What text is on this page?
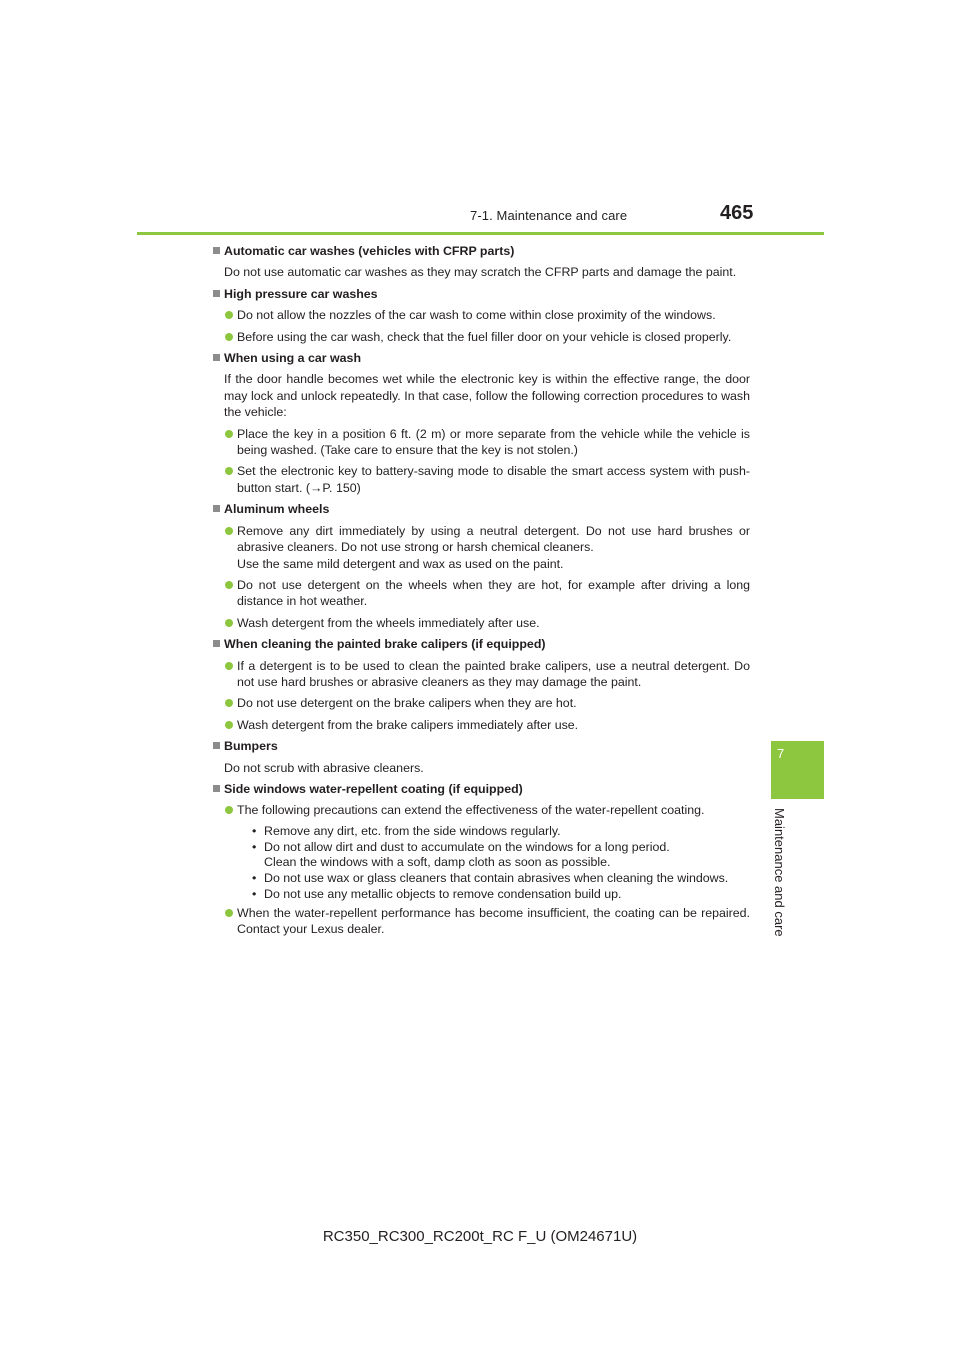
7-1. Maintenance and care	465
7
Maintenance and care
Automatic car washes (vehicles with CFRP parts)
Do not use automatic car washes as they may scratch the CFRP parts and damage the paint.
High pressure car washes
Do not allow the nozzles of the car wash to come within close proximity of the windows.
Before using the car wash, check that the fuel filler door on your vehicle is closed properly.
When using a car wash
If the door handle becomes wet while the electronic key is within the effective range, the door may lock and unlock repeatedly. In that case, follow the following correction procedures to wash the vehicle:
Place the key in a position 6 ft. (2 m) or more separate from the vehicle while the vehicle is being washed. (Take care to ensure that the key is not stolen.)
Set the electronic key to battery-saving mode to disable the smart access system with push-button start. (→P. 150)
Aluminum wheels
Remove any dirt immediately by using a neutral detergent. Do not use hard brushes or abrasive cleaners. Do not use strong or harsh chemical cleaners.
Use the same mild detergent and wax as used on the paint.
Do not use detergent on the wheels when they are hot, for example after driving a long distance in hot weather.
Wash detergent from the wheels immediately after use.
When cleaning the painted brake calipers (if equipped)
If a detergent is to be used to clean the painted brake calipers, use a neutral detergent. Do not use hard brushes or abrasive cleaners as they may damage the paint.
Do not use detergent on the brake calipers when they are hot.
Wash detergent from the brake calipers immediately after use.
Bumpers
Do not scrub with abrasive cleaners.
Side windows water-repellent coating (if equipped)
The following precautions can extend the effectiveness of the water-repellent coating.
• Remove any dirt, etc. from the side windows regularly.
• Do not allow dirt and dust to accumulate on the windows for a long period.
Clean the windows with a soft, damp cloth as soon as possible.
• Do not use wax or glass cleaners that contain abrasives when cleaning the windows.
• Do not use any metallic objects to remove condensation build up.
When the water-repellent performance has become insufficient, the coating can be repaired. Contact your Lexus dealer.
RC350_RC300_RC200t_RC F_U (OM24671U)
